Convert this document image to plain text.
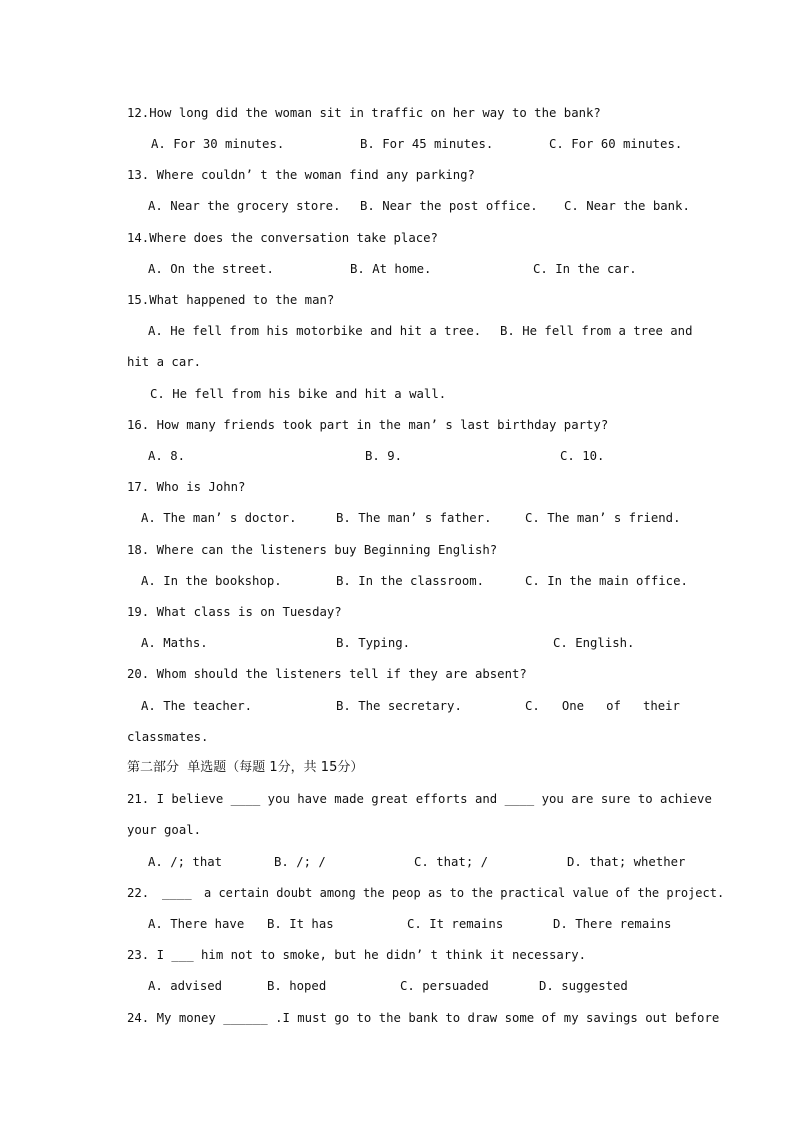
12.How long did the woman sit in traffic on her way to the bank?
A. For 30 minutes.	B. For 45 minutes.	C. For 60 minutes.
13. Where couldn’ t the woman find any parking?
A. Near the grocery store. B. Near the post office. C. Near the bank.
14.Where does the conversation take place?
A. On the street.	B. At home.	C. In the car.
15.What happened to the man?
A. He fell from his motorbike and hit a tree. B. He fell from a tree and
hit a car.
C. He fell from his bike and hit a wall.
16. How many friends took part in the man’ s last birthday party?
A. 8.	B. 9.	C. 10.
17. Who is John?
A. The man’ s doctor.	B. The man’ s father.	C. The man’ s friend.
18. Where can the listeners buy Beginning English?
A. In the bookshop.	B. In the classroom.	C. In the main office.
19. What class is on Tuesday?
A. Maths.	B. Typing.	C. English.
20. Whom should the listeners tell if they are absent?
A. The teacher.	B. The secretary.	C. One of their
classmates.
第二部分  单选题（每题 1分，共 15分）
21. I believe ____ you have made great efforts and ____ you are sure to achieve
your goal.
A. /; that	B. /; /	C. that; /	D. that; whether
22. ____ a certain doubt among the peop as to the practical value of the project.
A. There have B. It has	C. It remains	D. There remains
23. I ___ him not to smoke, but he didn’ t think it necessary.
A. advised	B. hoped	C. persuaded	D. suggested
24. My money ______ .I must go to the bank to draw some of my savings out before
